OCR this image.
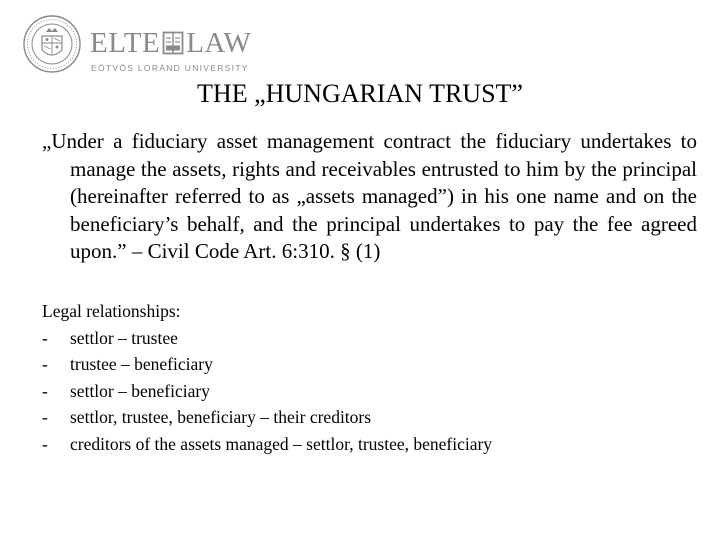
ELTE LAW
EÖTVÖS LORÁND UNIVERSITY
THE „HUNGARIAN TRUST”

„Under a fiduciary asset management contract the fiduciary undertakes to manage the assets, rights and receivables entrusted to him by the principal (hereinafter referred to as „assets managed”) in his one name and on the beneficiary’s behalf, and the principal undertakes to pay the fee agreed upon.” – Civil Code Art. 6:310. § (1)

Legal relationships:
- settlor – trustee
- trustee – beneficiary
- settlor – beneficiary
- settlor, trustee, beneficiary – their creditors
- creditors of the assets managed – settlor, trustee, beneficiary
